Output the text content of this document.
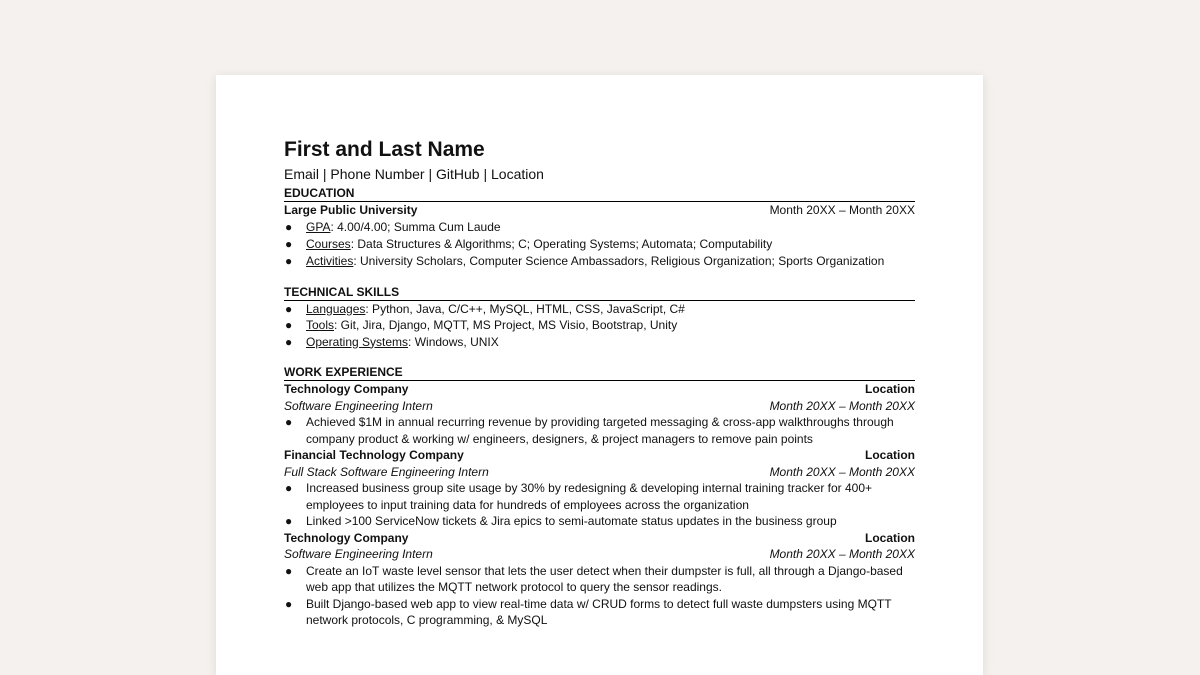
First and Last Name
Email | Phone Number | GitHub | Location
EDUCATION
Large Public University	Month 20XX – Month 20XX
● GPA: 4.00/4.00; Summa Cum Laude
● Courses: Data Structures & Algorithms; C; Operating Systems; Automata; Computability
● Activities: University Scholars, Computer Science Ambassadors, Religious Organization; Sports Organization
TECHNICAL SKILLS
● Languages: Python, Java, C/C++, MySQL, HTML, CSS, JavaScript, C#
● Tools: Git, Jira, Django, MQTT, MS Project, MS Visio, Bootstrap, Unity
● Operating Systems: Windows, UNIX
WORK EXPERIENCE
Technology Company	Location
Software Engineering Intern	Month 20XX – Month 20XX
● Achieved $1M in annual recurring revenue by providing targeted messaging & cross-app walkthroughs through company product & working w/ engineers, designers, & project managers to remove pain points
Financial Technology Company	Location
Full Stack Software Engineering Intern	Month 20XX – Month 20XX
● Increased business group site usage by 30% by redesigning & developing internal training tracker for 400+ employees to input training data for hundreds of employees across the organization
● Linked >100 ServiceNow tickets & Jira epics to semi-automate status updates in the business group
Technology Company	Location
Software Engineering Intern	Month 20XX – Month 20XX
● Create an IoT waste level sensor that lets the user detect when their dumpster is full, all through a Django-based web app that utilizes the MQTT network protocol to query the sensor readings.
● Built Django-based web app to view real-time data w/ CRUD forms to detect full waste dumpsters using MQTT network protocols, C programming, & MySQL
